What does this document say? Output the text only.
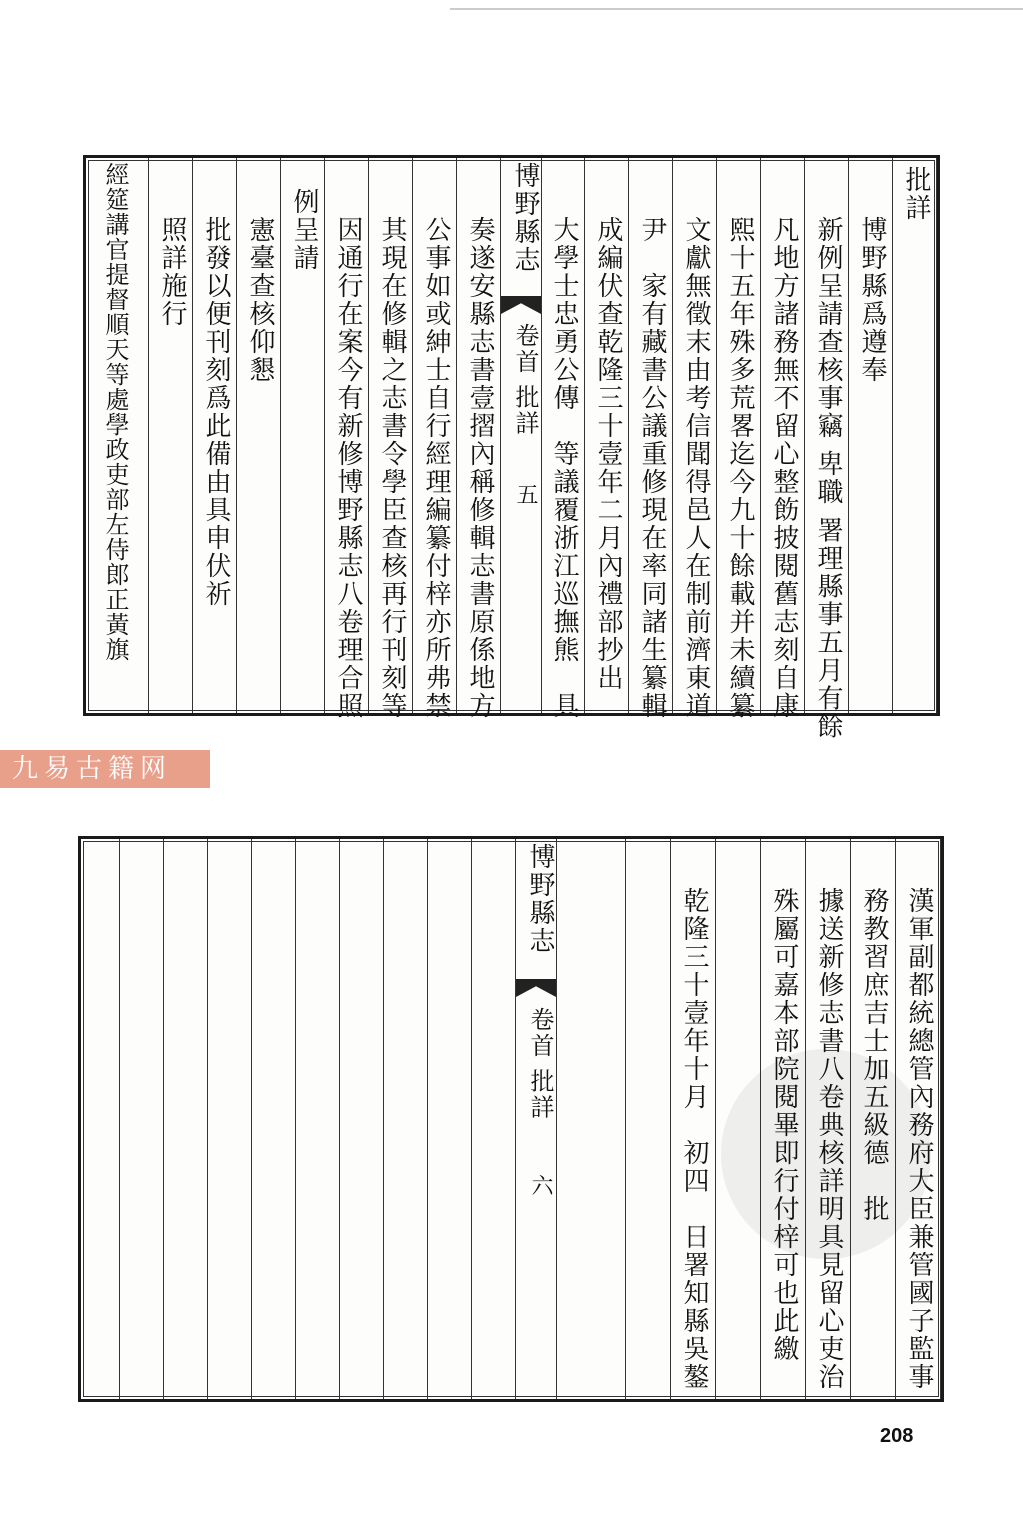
批詳
博野縣爲遵奉
新例呈請查核事竊 卑職 署理縣事五月有餘
凡地方諸務無不留心整飭披閱舊志刻自康
熙十五年殊多荒畧迄今九十餘載并未續纂
文獻無徵末由考信聞得邑人在制前濟東道
尹　家有藏書公議重修現在率同諸生纂輯
成編伏查乾隆三十壹年二月內禮部抄出
大學士忠勇公傳　等議覆浙江巡撫熊　具
博野縣志
卷首 批詳
五
奏遂安縣志書壹摺內稱修輯志書原係地方
公事如或紳士自行經理編纂付梓亦所弗禁
其現在修輯之志書令學臣查核再行刊刻等
因通行在案今有新修博野縣志八卷理合照
例呈請
憲臺查核仰懇
批發以便刊刻爲此備由具申伏祈
照詳施行
經筵講官提督順天等處學政吏部左侍郎正黃旗
九易古籍网
漢軍副都統總管內務府大臣兼管國子監事
務教習庶吉士加五級德　批
據送新修志書八卷典核詳明具見留心吏治
殊屬可嘉本部院閱畢即行付梓可也此繳
乾隆三十壹年十月　初四　日署知縣吳鏊
博野縣志
卷首 批詳
六
208
